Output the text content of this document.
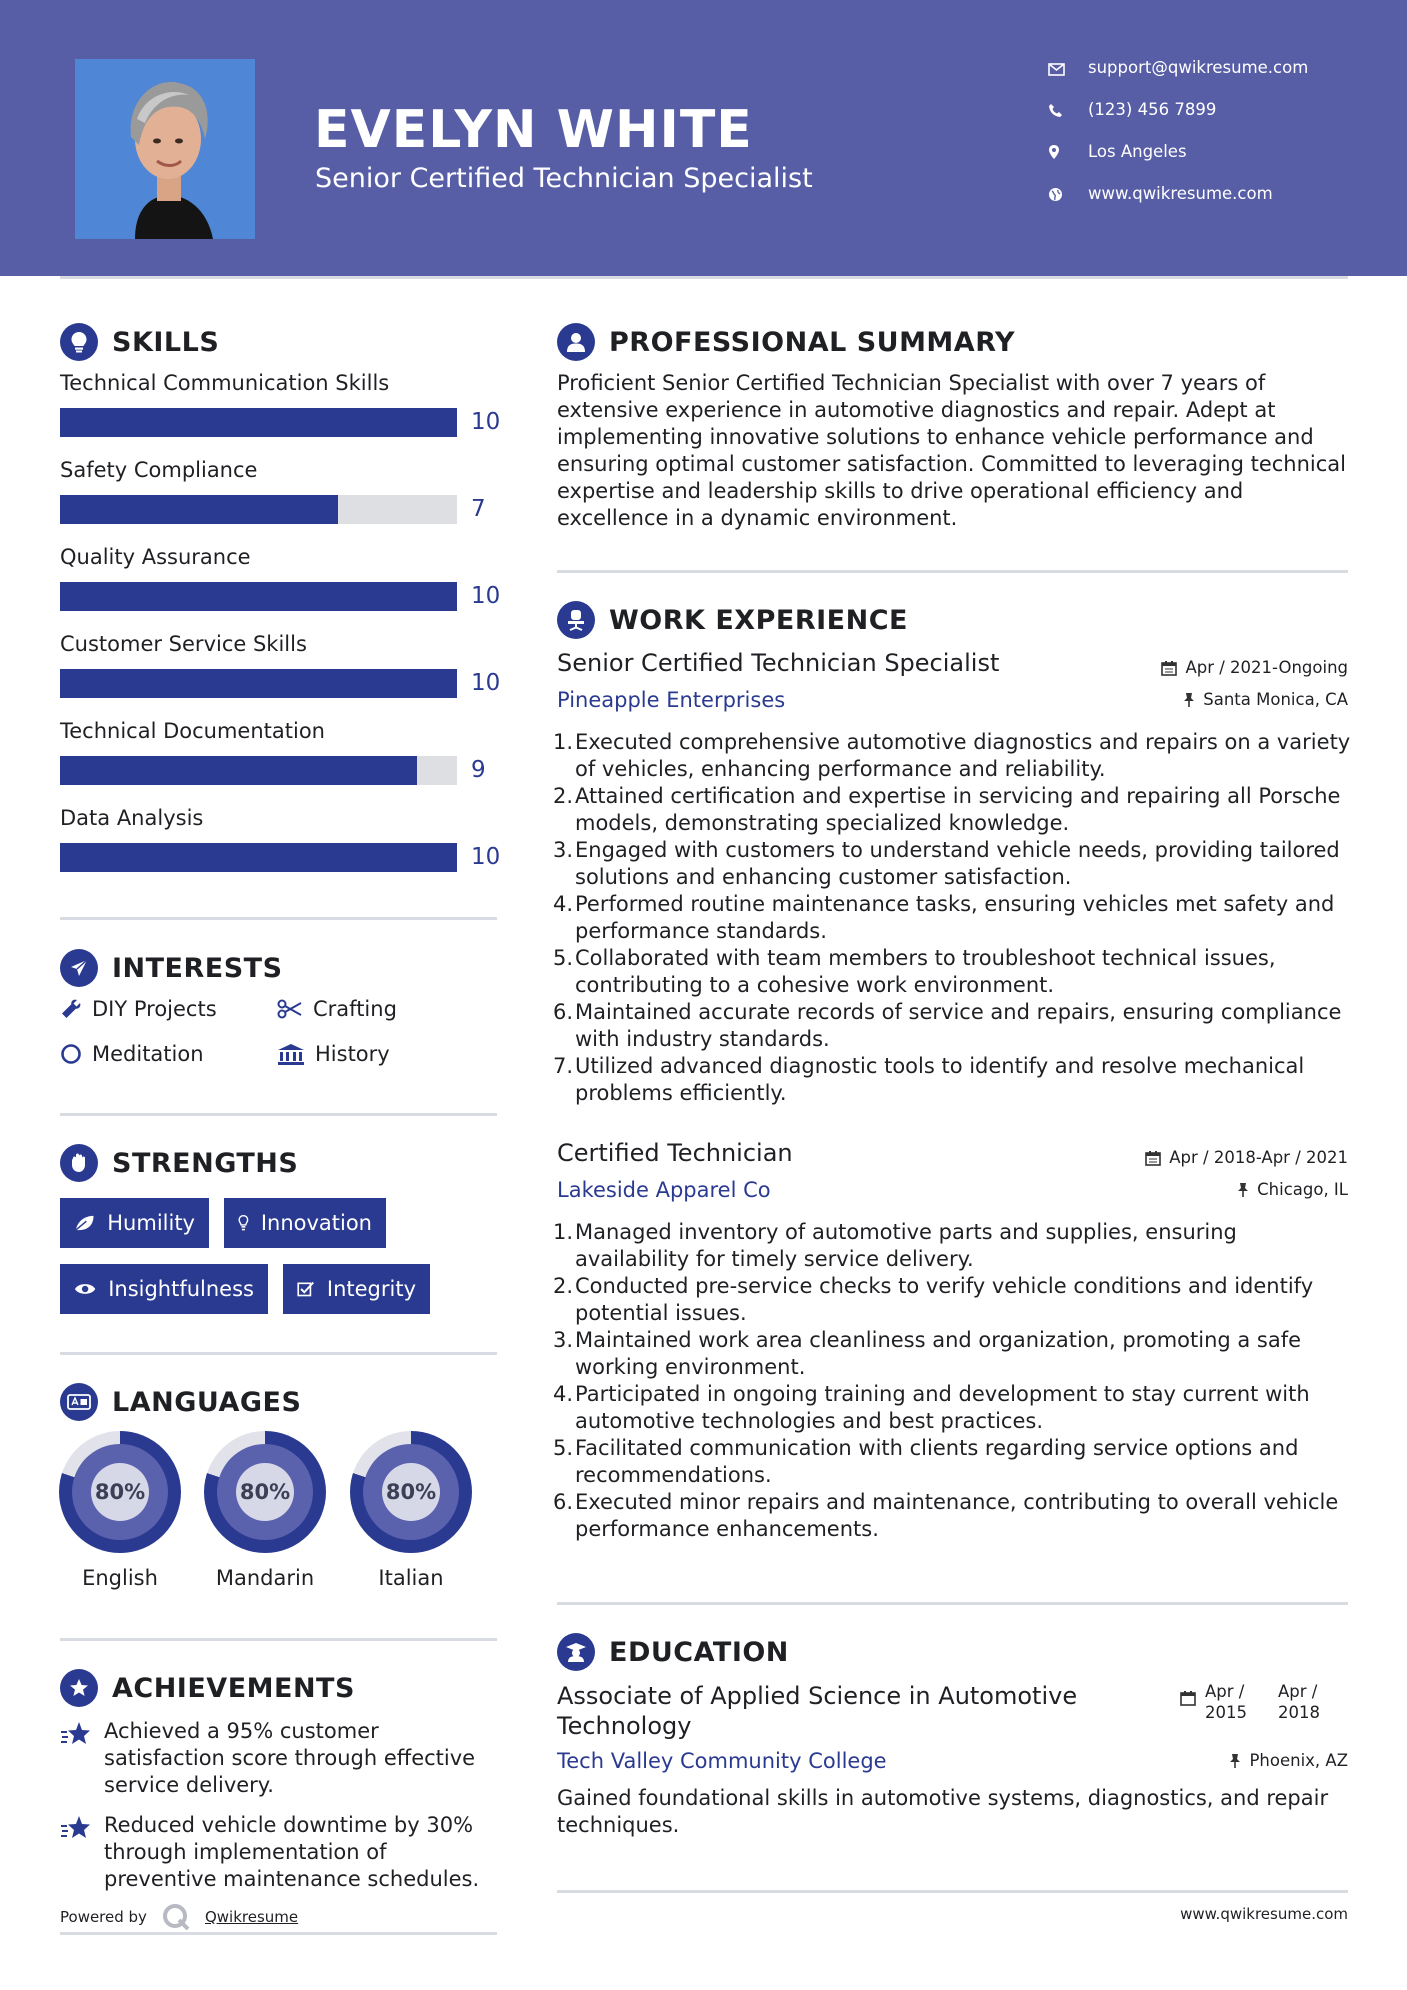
EVELYN WHITE
Senior Certified Technician Specialist
support@qwikresume.com
(123) 456 7899
Los Angeles
www.qwikresume.com
SKILLS
Technical Communication Skills
10
Safety Compliance
7
Quality Assurance
10
Customer Service Skills
10
Technical Documentation
9
Data Analysis
10
INTERESTS
DIY Projects	Crafting
Meditation	History
STRENGTHS
Humility	Innovation
Insightfulness	Integrity
LANGUAGES
80%
English
80%
Mandarin
80%
Italian
ACHIEVEMENTS
Achieved a 95% customer satisfaction score through effective service delivery.
Reduced vehicle downtime by 30% through implementation of preventive maintenance schedules.
Powered by	Qwikresume
PROFESSIONAL SUMMARY
Proficient Senior Certified Technician Specialist with over 7 years of extensive experience in automotive diagnostics and repair. Adept at implementing innovative solutions to enhance vehicle performance and ensuring optimal customer satisfaction. Committed to leveraging technical expertise and leadership skills to drive operational efficiency and excellence in a dynamic environment.
WORK EXPERIENCE
Senior Certified Technician Specialist	Apr / 2021-Ongoing
Pineapple Enterprises	Santa Monica, CA
Executed comprehensive automotive diagnostics and repairs on a variety of vehicles, enhancing performance and reliability.
Attained certification and expertise in servicing and repairing all Porsche models, demonstrating specialized knowledge.
Engaged with customers to understand vehicle needs, providing tailored solutions and enhancing customer satisfaction.
Performed routine maintenance tasks, ensuring vehicles met safety and performance standards.
Collaborated with team members to troubleshoot technical issues, contributing to a cohesive work environment.
Maintained accurate records of service and repairs, ensuring compliance with industry standards.
Utilized advanced diagnostic tools to identify and resolve mechanical problems efficiently.
Certified Technician	Apr / 2018-Apr / 2021
Lakeside Apparel Co	Chicago, IL
Managed inventory of automotive parts and supplies, ensuring availability for timely service delivery.
Conducted pre-service checks to verify vehicle conditions and identify potential issues.
Maintained work area cleanliness and organization, promoting a safe working environment.
Participated in ongoing training and development to stay current with automotive technologies and best practices.
Facilitated communication with clients regarding service options and recommendations.
Executed minor repairs and maintenance, contributing to overall vehicle performance enhancements.
EDUCATION
Associate of Applied Science in Automotive Technology
Apr / 2015
Apr / 2018
Tech Valley Community College	Phoenix, AZ
Gained foundational skills in automotive systems, diagnostics, and repair techniques.
www.qwikresume.com
